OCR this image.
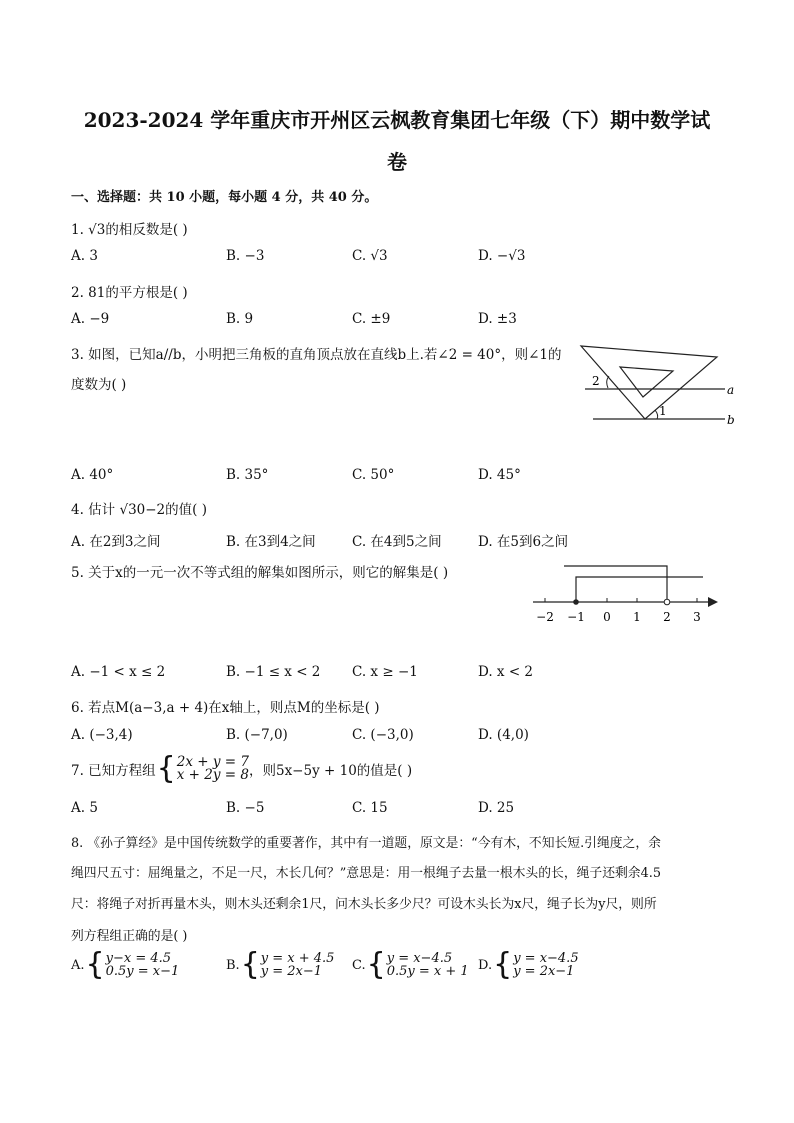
2023-2024 学年重庆市开州区云枫教育集团七年级（下）期中数学试
卷
一、选择题：共 10 小题，每小题 4 分，共 40 分。
1. √3的相反数是( )
A. 3	B. −3	C. √3	D. −√3
2. 81的平方根是( )
A. −9	B. 9	C. ±9	D. ±3
3. 如图，已知a//b，小明把三角板的直角顶点放在直线b上.若∠2 = 40°，则∠1的
度数为( )	2
1
a
b
A. 40°	B. 35°	C. 50°	D. 45°
4. 估计 √30−2的值( )
A. 在2到3之间	B. 在3到4之间	C. 在4到5之间	D. 在5到6之间
5. 关于x的一元一次不等式组的解集如图所示，则它的解集是( )
−2 −1 0 1 2 3
A. −1 < x ≤ 2	B. −1 ≤ x < 2 C. x ≥ −1	D. x < 2
6. 若点M(a−3,a + 4)在x轴上，则点M的坐标是( )
A. (−3,4)	B. (−7,0)	C. (−3,0)	D. (4,0)
7. 已知方程组 { 2x + y = 7
x + 2y = 8 ，则5x−5y + 10的值是( )
A. 5	B. −5	C. 15	D. 25
8. 《孙子算经》是中国传统数学的重要著作，其中有一道题，原文是：“今有木，不知长短.引绳度之，余
绳四尺五寸：屈绳量之，不足一尺，木长几何？”意思是：用一根绳子去量一根木头的长，绳子还剩余4.5
尺：将绳子对折再量木头，则木头还剩余1尺，问木头长多少尺？可设木头长为x尺，绳子长为y尺，则所
列方程组正确的是( )
A. { y−x = 4.5
0.5y = x−1	B. { y = x + 4.5
y = 2x−1	C. { y = x−4.5
0.5y = x + 1 D. { y = x−4.5
y = 2x−1
